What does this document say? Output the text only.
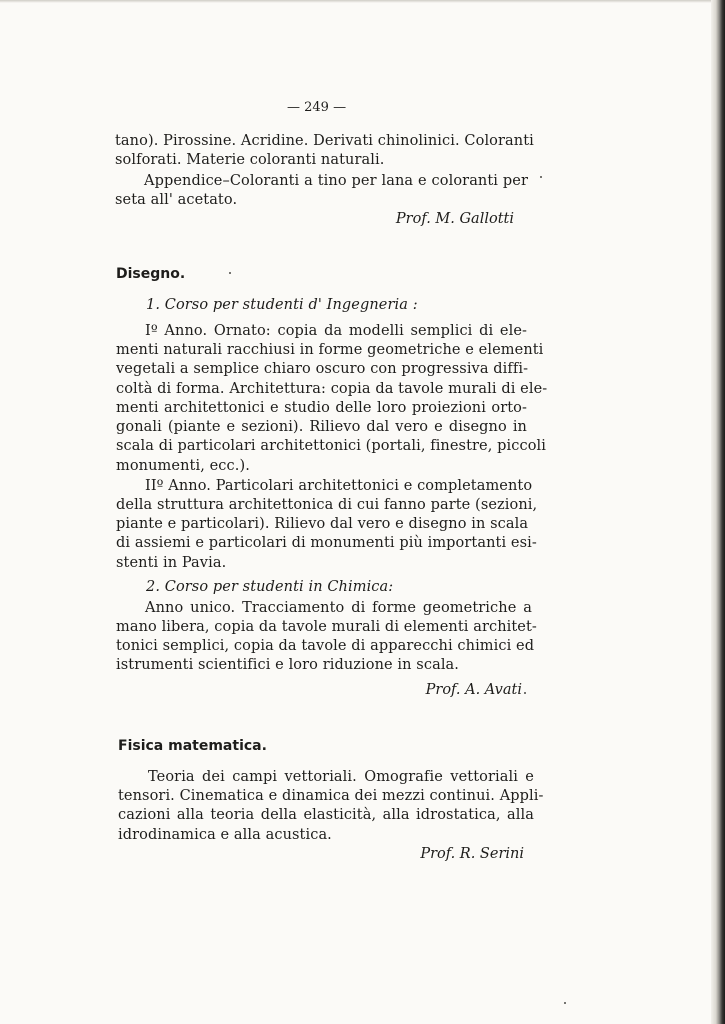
— 249 —
tano). Pirossine. Acridine. Derivati chinolinici. Coloranti
solforati. Materie coloranti naturali.
Appendice–Coloranti a tino per lana e coloranti per
seta all' acetato.
Prof. M. Gallotti
Disegno.
1. Corso per studenti d' Ingegneria :
Iº Anno. Ornato: copia da modelli semplici di ele-
menti naturali racchiusi in forme geometriche e elementi
vegetali a semplice chiaro oscuro con progressiva diffi-
coltà di forma. Architettura: copia da tavole murali di ele-
menti architettonici e studio delle loro proiezioni orto-
gonali (piante e sezioni). Rilievo dal vero e disegno in
scala di particolari architettonici (portali, finestre, piccoli
monumenti, ecc.).
IIº Anno. Particolari architettonici e completamento
della struttura architettonica di cui fanno parte (sezioni,
piante e particolari). Rilievo dal vero e disegno in scala
di assiemi e particolari di monumenti più importanti esi-
stenti in Pavia.
2. Corso per studenti in Chimica:
Anno unico. Tracciamento di forme geometriche a
mano libera, copia da tavole murali di elementi architet-
tonici semplici, copia da tavole di apparecchi chimici ed
istrumenti scientifici e loro riduzione in scala.
Prof. A. Avati
Fisica matematica.
Teoria dei campi vettoriali. Omografie vettoriali e
tensori. Cinematica e dinamica dei mezzi continui. Appli-
cazioni alla teoria della elasticità, alla idrostatica, alla
idrodinamica e alla acustica.
Prof. R. Serini
